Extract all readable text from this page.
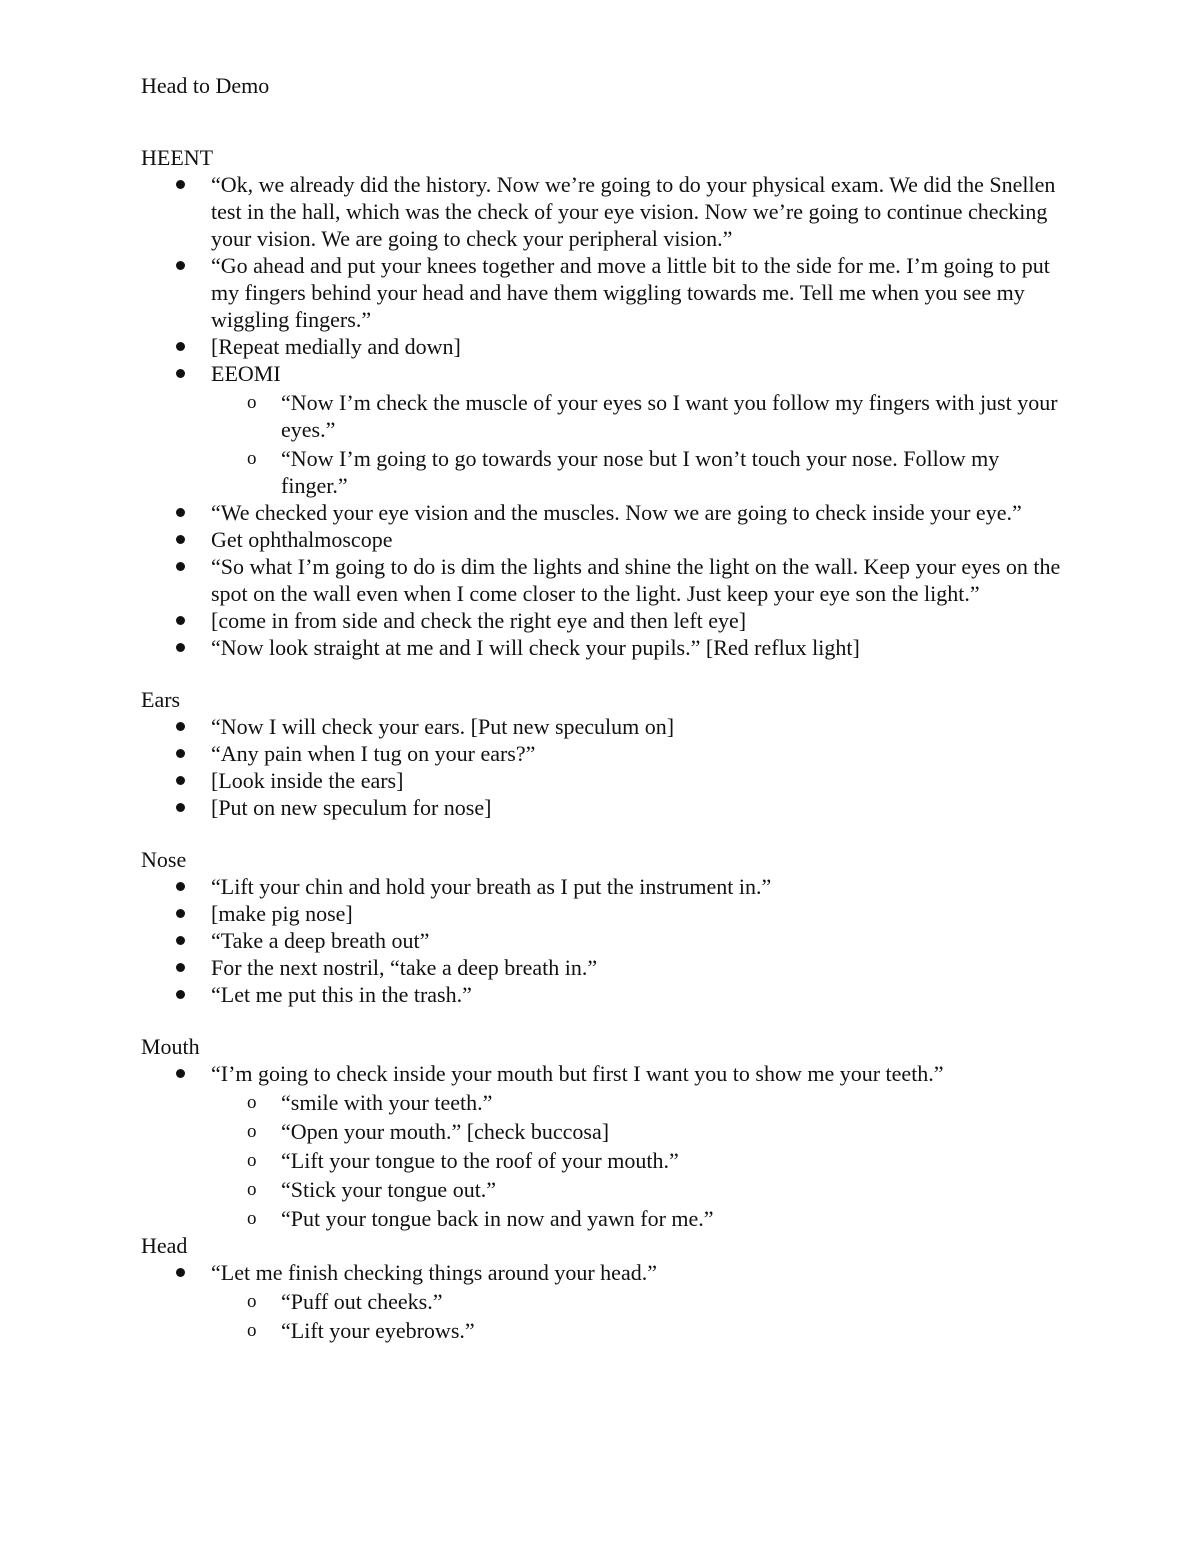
Head to Demo
HEENT
“Ok, we already did the history. Now we’re going to do your physical exam. We did the Snellen test in the hall, which was the check of your eye vision. Now we’re going to continue checking your vision. We are going to check your peripheral vision.”
“Go ahead and put your knees together and move a little bit to the side for me. I’m going to put my fingers behind your head and have them wiggling towards me. Tell me when you see my wiggling fingers.”
[Repeat medially and down]
EEOMI
o “Now I’m check the muscle of your eyes so I want you follow my fingers with just your eyes.”
o “Now I’m going to go towards your nose but I won’t touch your nose. Follow my finger.”
“We checked your eye vision and the muscles. Now we are going to check inside your eye.”
Get ophthalmoscope
“So what I’m going to do is dim the lights and shine the light on the wall. Keep your eyes on the spot on the wall even when I come closer to the light. Just keep your eye son the light.”
[come in from side and check the right eye and then left eye]
“Now look straight at me and I will check your pupils.” [Red reflux light]
Ears
“Now I will check your ears. [Put new speculum on]
“Any pain when I tug on your ears?”
[Look inside the ears]
[Put on new speculum for nose]
Nose
“Lift your chin and hold your breath as I put the instrument in.”
[make pig nose]
“Take a deep breath out”
For the next nostril, “take a deep breath in.”
“Let me put this in the trash.”
Mouth
“I’m going to check inside your mouth but first I want you to show me your teeth.”
o “smile with your teeth.”
o “Open your mouth.” [check buccosa]
o “Lift your tongue to the roof of your mouth.”
o “Stick your tongue out.”
o “Put your tongue back in now and yawn for me.”
Head
“Let me finish checking things around your head.”
o “Puff out cheeks.”
o “Lift your eyebrows.”
